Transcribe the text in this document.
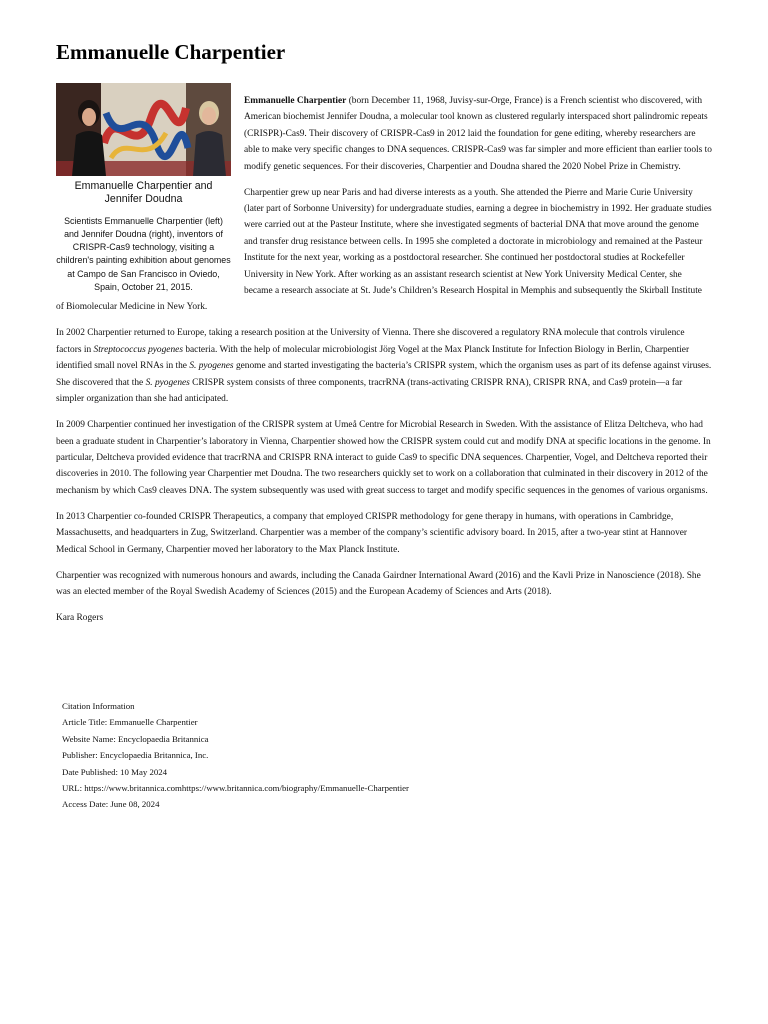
Emmanuelle Charpentier
Emmanuelle Charpentier and Jennifer Doudna
Scientists Emmanuelle Charpentier (left) and Jennifer Doudna (right), inventors of CRISPR-Cas9 technology, visiting a children's painting exhibition about genomes at Campo de San Francisco in Oviedo, Spain, October 21, 2015.

Emmanuelle Charpentier (born December 11, 1968, Juvisy-sur-Orge, France) is a French scientist who discovered, with American biochemist Jennifer Doudna, a molecular tool known as clustered regularly interspaced short palindromic repeats (CRISPR)-Cas9. Their discovery of CRISPR-Cas9 in 2012 laid the foundation for gene editing, whereby researchers are able to make very specific changes to DNA sequences. CRISPR-Cas9 was far simpler and more efficient than earlier tools to modify genetic sequences. For their discoveries, Charpentier and Doudna shared the 2020 Nobel Prize in Chemistry.

Charpentier grew up near Paris and had diverse interests as a youth. She attended the Pierre and Marie Curie University (later part of Sorbonne University) for undergraduate studies, earning a degree in biochemistry in 1992. Her graduate studies were carried out at the Pasteur Institute, where she investigated segments of bacterial DNA that move around the genome and transfer drug resistance between cells. In 1995 she completed a doctorate in microbiology and remained at the Pasteur Institute for the next year, working as a postdoctoral researcher. She continued her postdoctoral studies at Rockefeller University in New York. After working as an assistant research scientist at New York University Medical Center, she became a research associate at St. Jude’s Children’s Research Hospital in Memphis and subsequently the Skirball Institute of Biomolecular Medicine in New York.

In 2002 Charpentier returned to Europe, taking a research position at the University of Vienna. There she discovered a regulatory RNA molecule that controls virulence factors in Streptococcus pyogenes bacteria. With the help of molecular microbiologist Jörg Vogel at the Max Planck Institute for Infection Biology in Berlin, Charpentier identified small novel RNAs in the S. pyogenes genome and started investigating the bacteria’s CRISPR system, which the organism uses as part of its defense against viruses. She discovered that the S. pyogenes CRISPR system consists of three components, tracrRNA (trans-activating CRISPR RNA), CRISPR RNA, and Cas9 protein—a far simpler organization than she had anticipated.

In 2009 Charpentier continued her investigation of the CRISPR system at Umeå Centre for Microbial Research in Sweden. With the assistance of Elitza Deltcheva, who had been a graduate student in Charpentier’s laboratory in Vienna, Charpentier showed how the CRISPR system could cut and modify DNA at specific locations in the genome. In particular, Deltcheva provided evidence that tracrRNA and CRISPR RNA interact to guide Cas9 to specific DNA sequences. Charpentier, Vogel, and Deltcheva reported their discoveries in 2010. The following year Charpentier met Doudna. The two researchers quickly set to work on a collaboration that culminated in their discovery in 2012 of the mechanism by which Cas9 cleaves DNA. The system subsequently was used with great success to target and modify specific sequences in the genomes of various organisms.

In 2013 Charpentier co-founded CRISPR Therapeutics, a company that employed CRISPR methodology for gene therapy in humans, with operations in Cambridge, Massachusetts, and headquarters in Zug, Switzerland. Charpentier was a member of the company’s scientific advisory board. In 2015, after a two-year stint at Hannover Medical School in Germany, Charpentier moved her laboratory to the Max Planck Institute.

Charpentier was recognized with numerous honours and awards, including the Canada Gairdner International Award (2016) and the Kavli Prize in Nanoscience (2018). She was an elected member of the Royal Swedish Academy of Sciences (2015) and the European Academy of Sciences and Arts (2018).

Kara Rogers

Citation Information
Article Title: Emmanuelle Charpentier
Website Name: Encyclopaedia Britannica
Publisher: Encyclopaedia Britannica, Inc.
Date Published: 10 May 2024
URL: https://www.britannica.comhttps://www.britannica.com/biography/Emmanuelle-Charpentier
Access Date: June 08, 2024
